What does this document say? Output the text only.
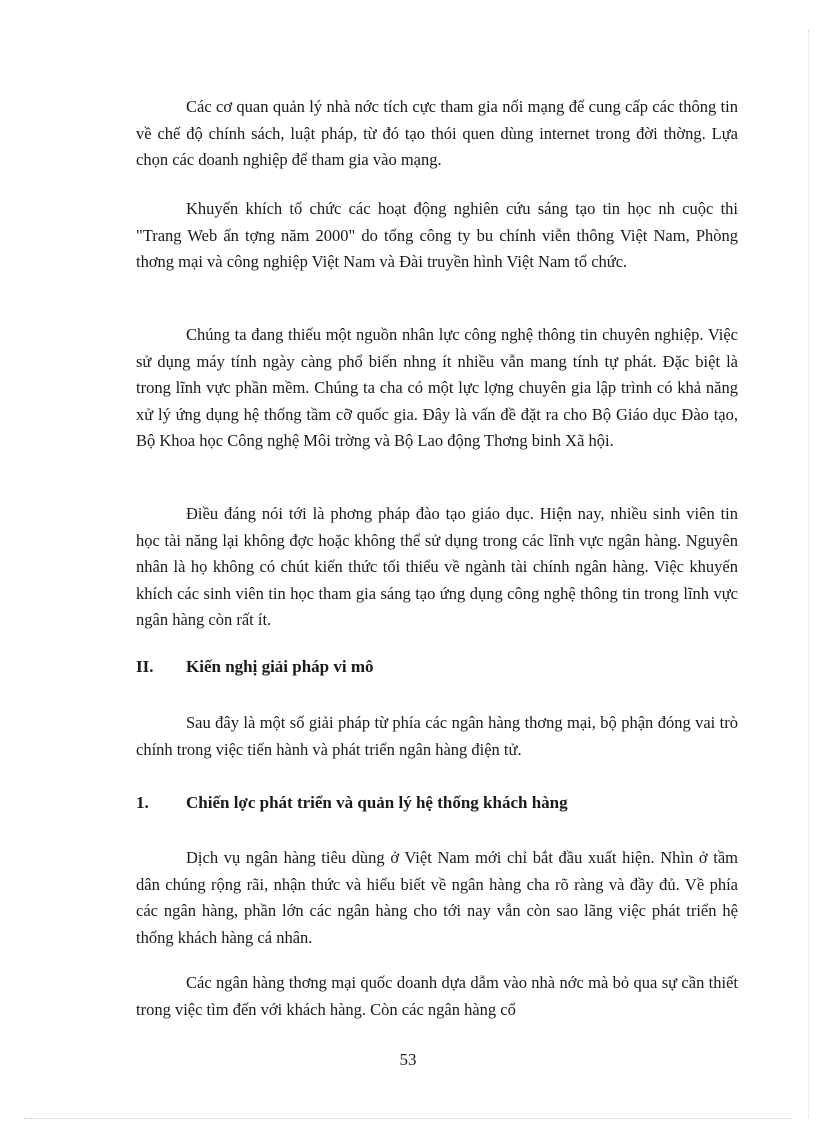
Các cơ quan quản lý nhà nớc tích cực tham gia nối mạng để cung cấp các thông tin về chế độ chính sách, luật pháp, từ đó tạo thói quen dùng internet trong đời thờng. Lựa chọn các doanh nghiệp để tham gia vào mạng.

Khuyến khích tổ chức các hoạt động nghiên cứu sáng tạo tin học nh cuộc thi "Trang Web ấn tợng năm 2000" do tổng công ty bu chính viễn thông Việt Nam, Phòng thơng mại và công nghiệp Việt Nam và Đài truyền hình Việt Nam tổ chức.

Chúng ta đang thiếu một nguồn nhân lực công nghệ thông tin chuyên nghiệp. Việc sử dụng máy tính ngày càng phổ biến nhng ít nhiều vẫn mang tính tự phát. Đặc biệt là trong lĩnh vực phần mềm. Chúng ta cha có một lực lợng chuyên gia lập trình có khả năng xử lý ứng dụng hệ thống tầm cỡ quốc gia. Đây là vấn đề đặt ra cho Bộ Giáo dục Đào tạo, Bộ Khoa học Công nghệ Môi trờng và Bộ Lao động Thơng binh Xã hội.

Điều đáng nói tới là phơng pháp đào tạo giáo dục. Hiện nay, nhiều sinh viên tin học tài năng lại không đợc hoặc không thể sử dụng trong các lĩnh vực ngân hàng. Nguyên nhân là họ không có chút kiến thức tối thiểu về ngành tài chính ngân hàng. Việc khuyến khích các sinh viên tin học tham gia sáng tạo ứng dụng công nghệ thông tin trong lĩnh vực ngân hàng còn rất ít.

II. Kiến nghị giải pháp vi mô

Sau đây là một số giải pháp từ phía các ngân hàng thơng mại, bộ phận đóng vai trò chính trong việc tiến hành và phát triển ngân hàng điện tử.

1. Chiến lợc phát triển và quản lý hệ thống khách hàng

Dịch vụ ngân hàng tiêu dùng ở Việt Nam mới chỉ bắt đầu xuất hiện. Nhìn ở tầm dân chúng rộng rãi, nhận thức và hiểu biết về ngân hàng cha rõ ràng và đầy đủ. Về phía các ngân hàng, phần lớn các ngân hàng cho tới nay vẫn còn sao lãng việc phát triển hệ thống khách hàng cá nhân.

Các ngân hàng thơng mại quốc doanh dựa dẫm vào nhà nớc mà bỏ qua sự cần thiết trong việc tìm đến với khách hàng. Còn các ngân hàng cổ

53
